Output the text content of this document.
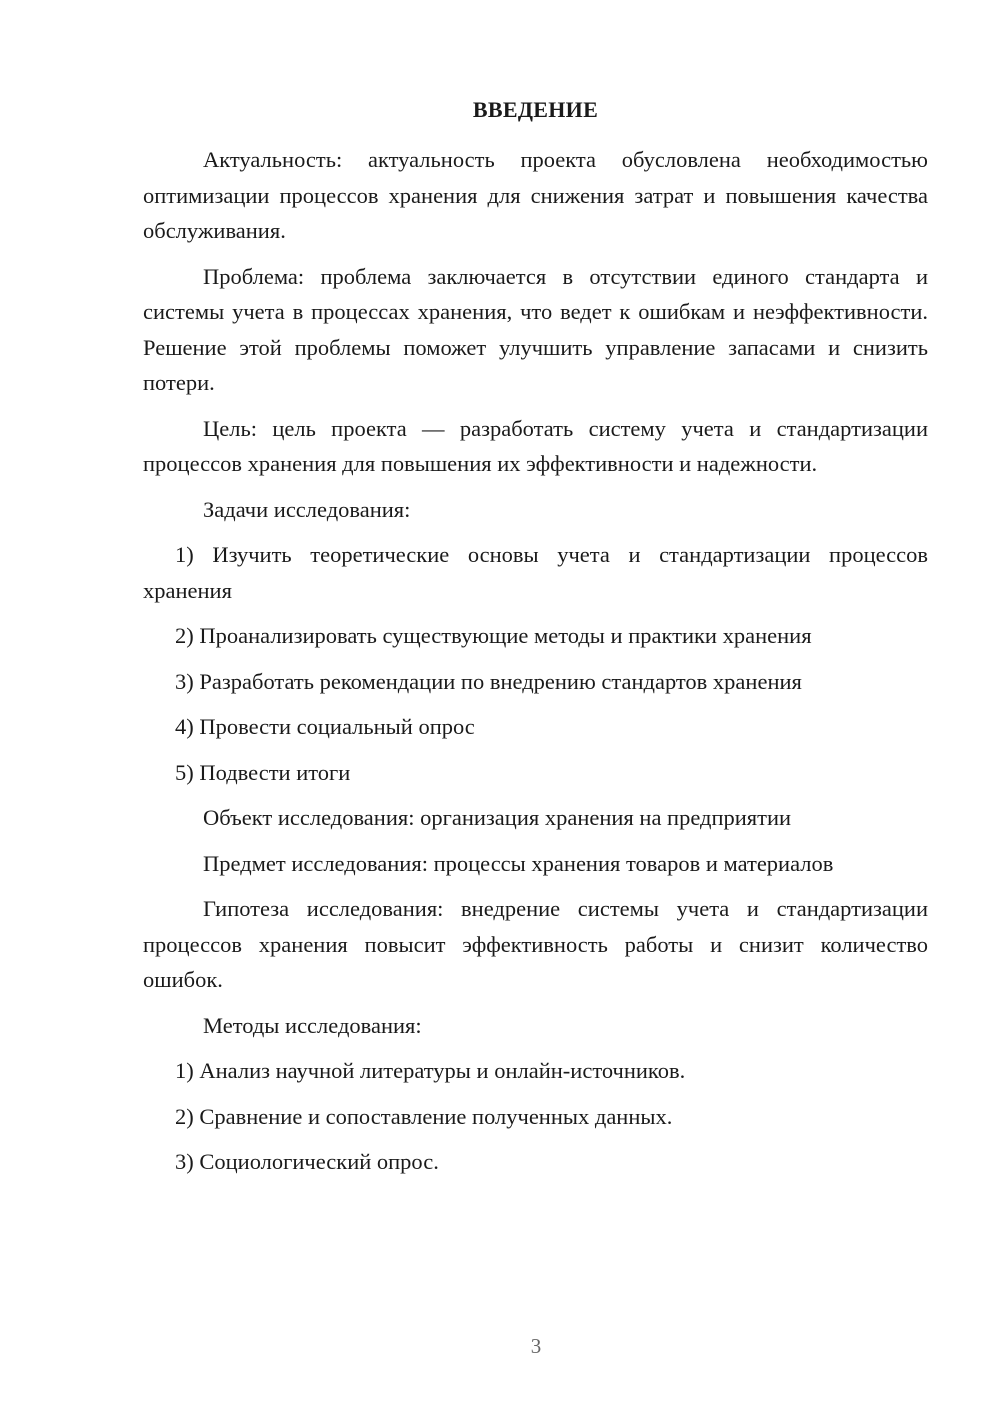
ВВЕДЕНИЕ

Актуальность: актуальность проекта обусловлена необходимостью оптимизации процессов хранения для снижения затрат и повышения качества обслуживания.

Проблема: проблема заключается в отсутствии единого стандарта и системы учета в процессах хранения, что ведет к ошибкам и неэффективности. Решение этой проблемы поможет улучшить управление запасами и снизить потери.

Цель: цель проекта — разработать систему учета и стандартизации процессов хранения для повышения их эффективности и надежности.

Задачи исследования:

1) Изучить теоретические основы учета и стандартизации процессов хранения

2) Проанализировать существующие методы и практики хранения

3) Разработать рекомендации по внедрению стандартов хранения

4) Провести социальный опрос

5) Подвести итоги

Объект исследования: организация хранения на предприятии

Предмет исследования: процессы хранения товаров и материалов

Гипотеза исследования: внедрение системы учета и стандартизации процессов хранения повысит эффективность работы и снизит количество ошибок.

Методы исследования:

1) Анализ научной литературы и онлайн-источников.

2) Сравнение и сопоставление полученных данных.

3) Социологический опрос.

3
